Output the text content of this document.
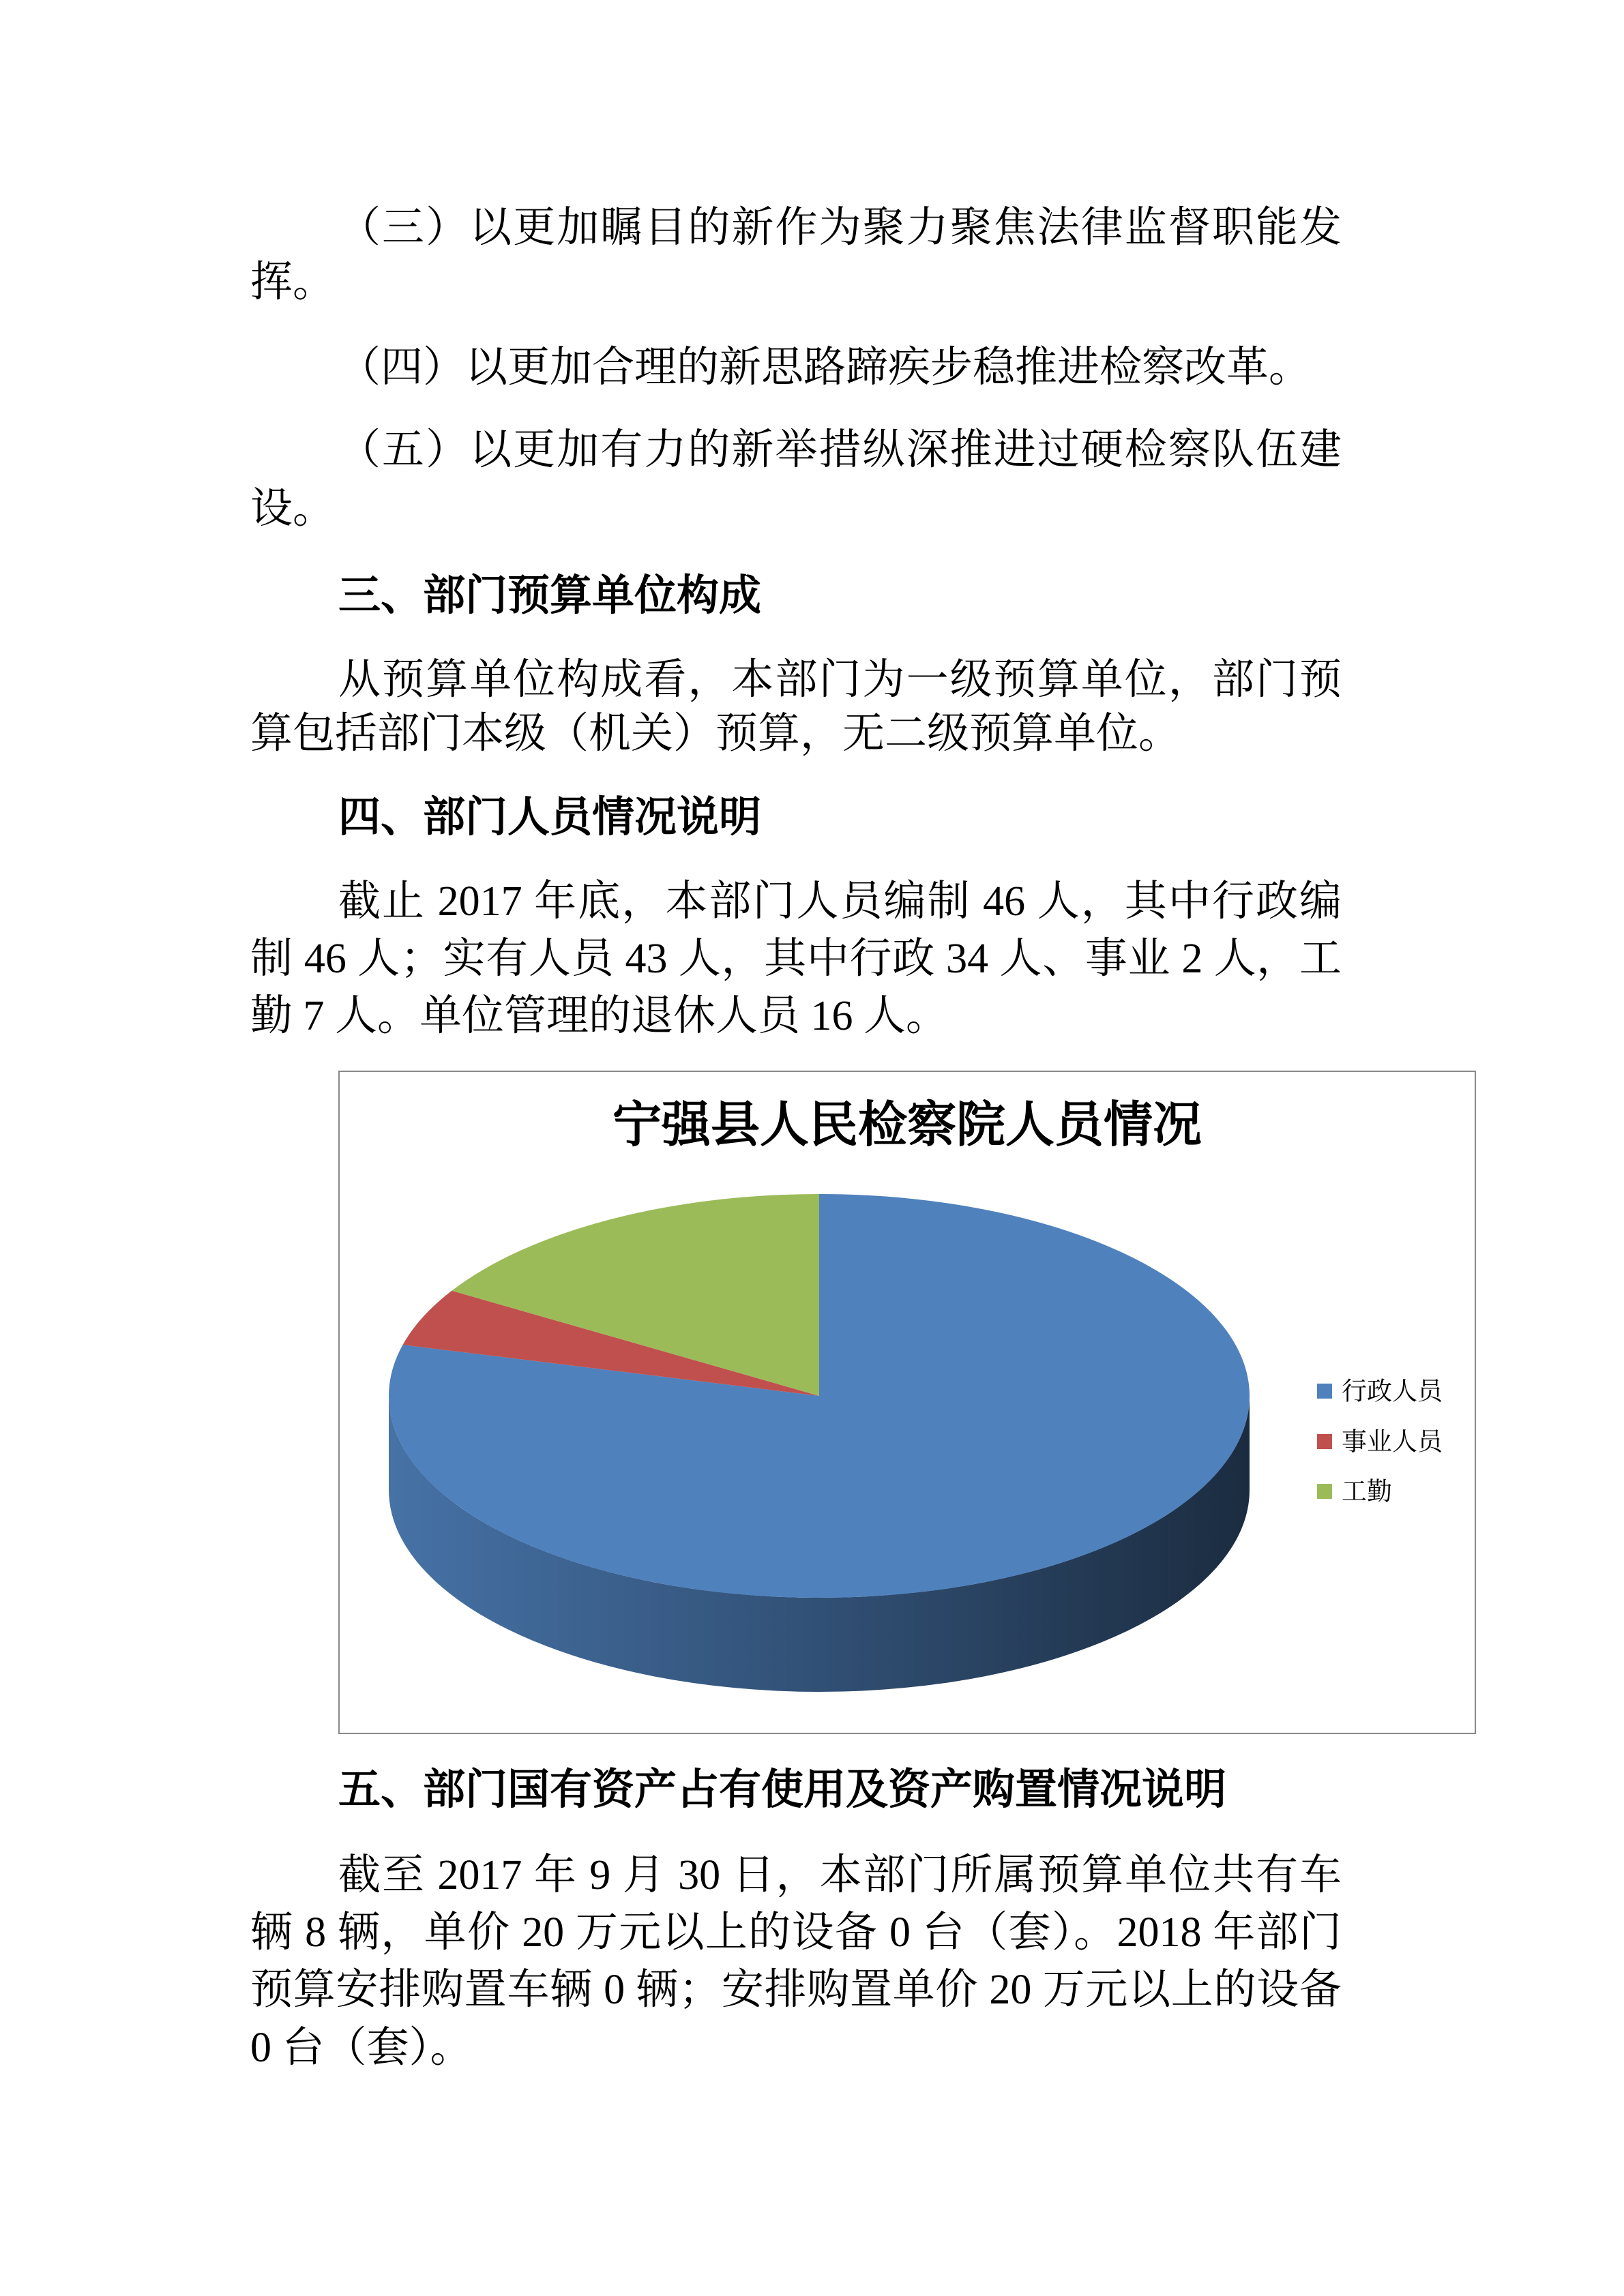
（三）以更加瞩目的新作为聚力聚焦法律监督职能发
挥。
（四）以更加合理的新思路蹄疾步稳推进检察改革。
（五）以更加有力的新举措纵深推进过硬检察队伍建
设。
三、部门预算单位构成
从预算单位构成看，本部门为一级预算单位，部门预
算包括部门本级（机关）预算，无二级预算单位。
四、部门人员情况说明
截止 2017 年底，本部门人员编制 46 人，其中行政编
制 46 人；实有人员 43 人，其中行政 34 人、事业 2 人，工
勤 7 人。单位管理的退休人员 16 人。
宁强县人民检察院人员情况
行政人员
事业人员
工勤
五、部门国有资产占有使用及资产购置情况说明
截至 2017 年 9 月 30 日，本部门所属预算单位共有车
辆 8 辆，单价 20 万元以上的设备 0 台（套）。2018 年部门
预算安排购置车辆 0 辆；安排购置单价 20 万元以上的设备
0 台（套）。
